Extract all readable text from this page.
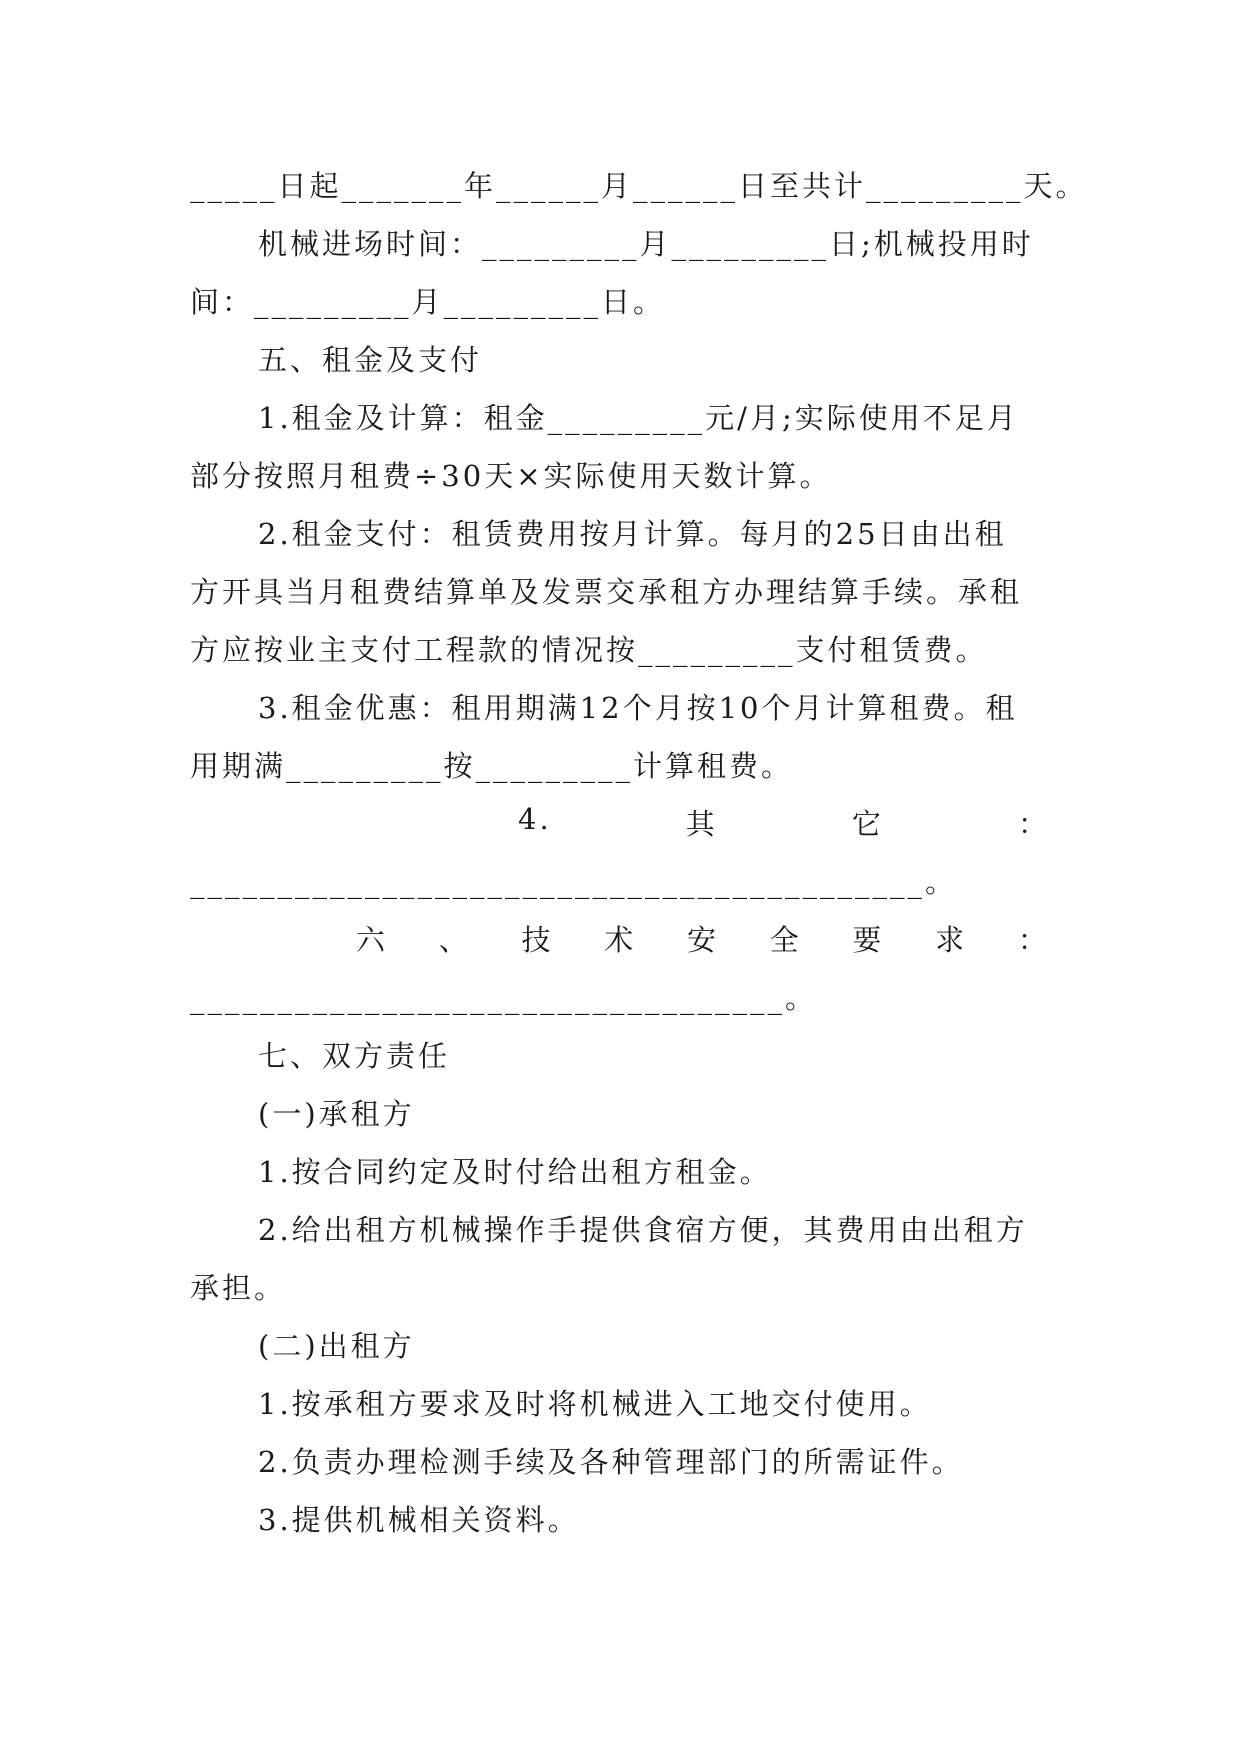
_____日起_______年______月______日至共计_________天。
机械进场时间：_________月_________日;机械投用时
间：_________月_________日。
五、租金及支付
1.租金及计算：租金_________元/月;实际使用不足月
部分按照月租费÷30天×实际使用天数计算。
2.租金支付：租赁费用按月计算。每月的25日由出租
方开具当月租费结算单及发票交承租方办理结算手续。承租
方应按业主支付工程款的情况按_________支付租赁费。
3.租金优惠：租用期满12个月按10个月计算租费。租
用期满_________按_________计算租费。
4.	其	它	：
__________________________________________。
六 、 技 术 安 全 要 求 ：
__________________________________。
七、双方责任
(一)承租方
1.按合同约定及时付给出租方租金。
2.给出租方机械操作手提供食宿方便，其费用由出租方
承担。
(二)出租方
1.按承租方要求及时将机械进入工地交付使用。
2.负责办理检测手续及各种管理部门的所需证件。
3.提供机械相关资料。
